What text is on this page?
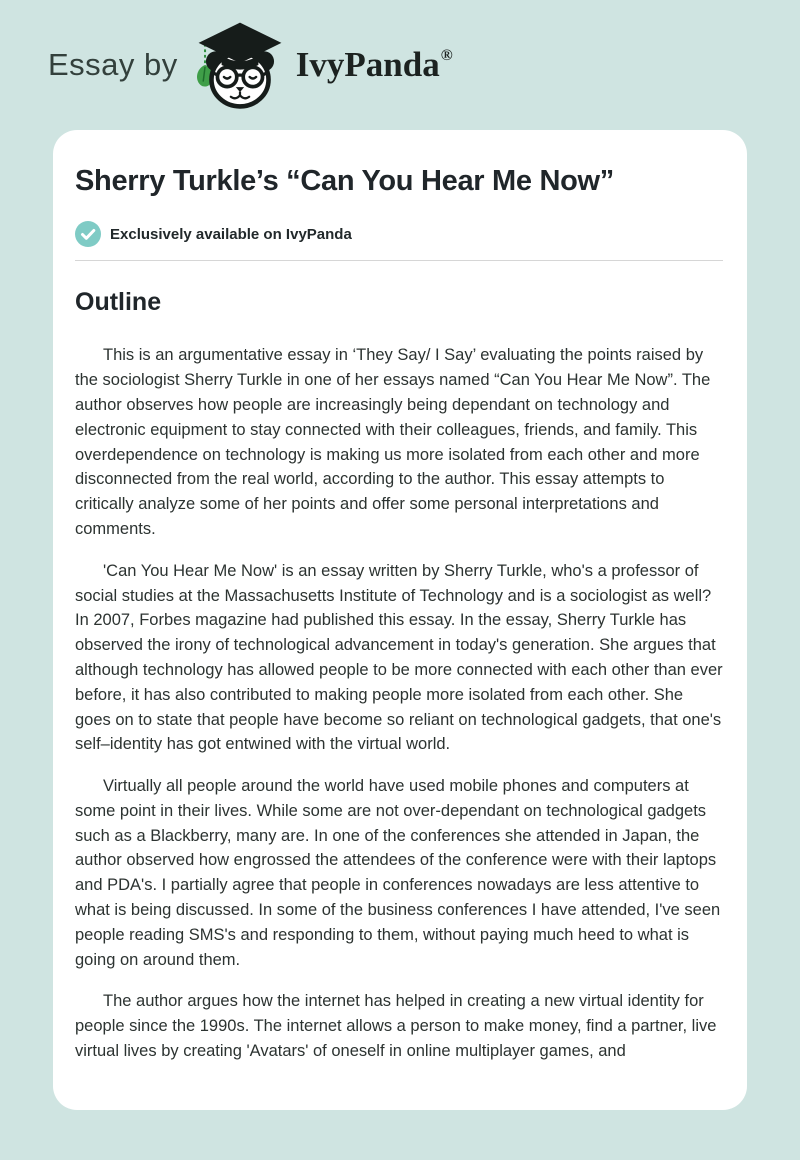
Essay by	IvyPanda ®
Sherry Turkle’s “Can You Hear Me Now”
Exclusively available on IvyPanda
Outline

This is an argumentative essay in ‘They Say/ I Say’ evaluating the points raised by the sociologist Sherry Turkle in one of her essays named “Can You Hear Me Now”. The author observes how people are increasingly being dependant on technology and electronic equipment to stay connected with their colleagues, friends, and family. This overdependence on technology is making us more isolated from each other and more disconnected from the real world, according to the author. This essay attempts to critically analyze some of her points and offer some personal interpretations and comments.

'Can You Hear Me Now' is an essay written by Sherry Turkle, who's a professor of social studies at the Massachusetts Institute of Technology and is a sociologist as well? In 2007, Forbes magazine had published this essay. In the essay, Sherry Turkle has observed the irony of technological advancement in today's generation. She argues that although technology has allowed people to be more connected with each other than ever before, it has also contributed to making people more isolated from each other. She goes on to state that people have become so reliant on technological gadgets, that one's self–identity has got entwined with the virtual world.

Virtually all people around the world have used mobile phones and computers at some point in their lives. While some are not over-dependant on technological gadgets such as a Blackberry, many are. In one of the conferences she attended in Japan, the author observed how engrossed the attendees of the conference were with their laptops and PDA's. I partially agree that people in conferences nowadays are less attentive to what is being discussed. In some of the business conferences I have attended, I've seen people reading SMS's and responding to them, without paying much heed to what is going on around them.

The author argues how the internet has helped in creating a new virtual identity for people since the 1990s. The internet allows a person to make money, find a partner, live virtual lives by creating 'Avatars' of oneself in online multiplayer games, and
